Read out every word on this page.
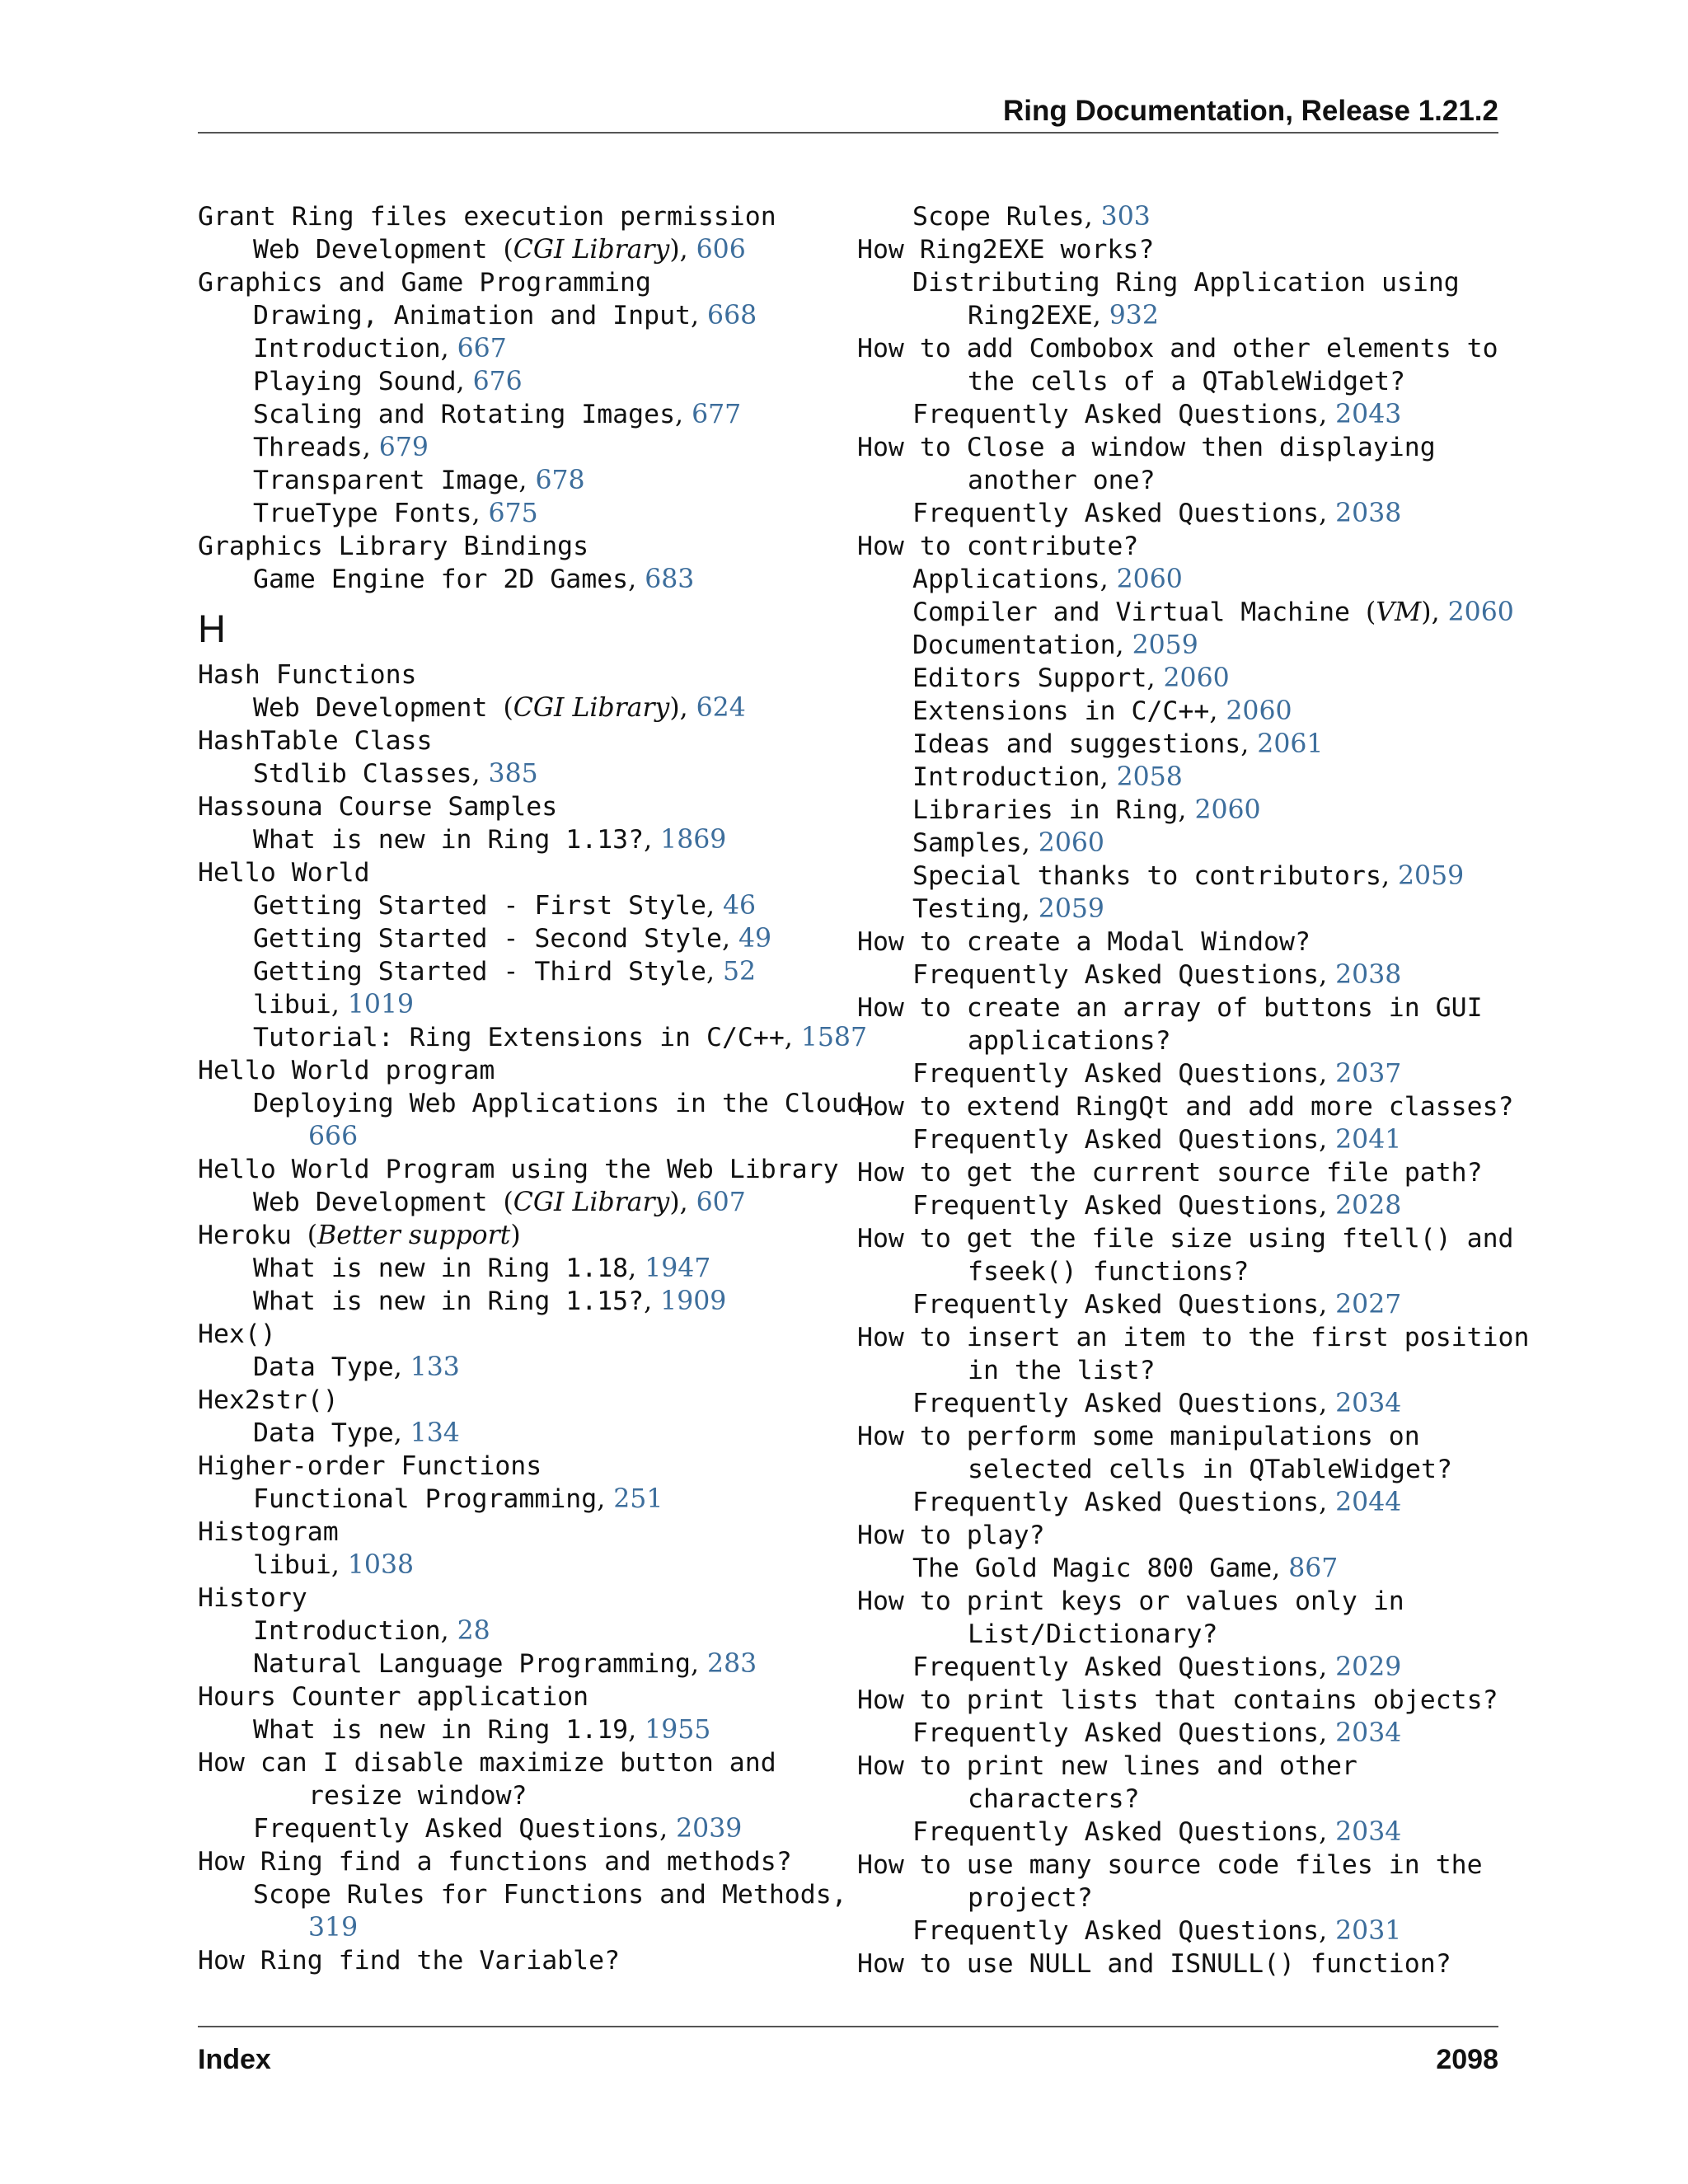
Ring Documentation, Release 1.21.2
Grant Ring files execution permission
Web Development (CGI Library), 606
Graphics and Game Programming
Drawing, Animation and Input, 668
Introduction, 667
Playing Sound, 676
Scaling and Rotating Images, 677
Threads, 679
Transparent Image, 678
TrueType Fonts, 675
Graphics Library Bindings
Game Engine for 2D Games, 683
H
Hash Functions
Web Development (CGI Library), 624
HashTable Class
Stdlib Classes, 385
Hassouna Course Samples
What is new in Ring 1.13?, 1869
Hello World
Getting Started - First Style, 46
Getting Started - Second Style, 49
Getting Started - Third Style, 52
libui, 1019
Tutorial: Ring Extensions in C/C++, 1587
Hello World program
Deploying Web Applications in the Cloud,
666
Hello World Program using the Web Library
Web Development (CGI Library), 607
Heroku (Better support)
What is new in Ring 1.18, 1947
What is new in Ring 1.15?, 1909
Hex()
Data Type, 133
Hex2str()
Data Type, 134
Higher-order Functions
Functional Programming, 251
Histogram
libui, 1038
History
Introduction, 28
Natural Language Programming, 283
Hours Counter application
What is new in Ring 1.19, 1955
How can I disable maximize button and
resize window?
Frequently Asked Questions, 2039
How Ring find a functions and methods?
Scope Rules for Functions and Methods,
319
How Ring find the Variable?
Scope Rules, 303
How Ring2EXE works?
Distributing Ring Application using
Ring2EXE, 932
How to add Combobox and other elements to
the cells of a QTableWidget?
Frequently Asked Questions, 2043
How to Close a window then displaying
another one?
Frequently Asked Questions, 2038
How to contribute?
Applications, 2060
Compiler and Virtual Machine (VM), 2060
Documentation, 2059
Editors Support, 2060
Extensions in C/C++, 2060
Ideas and suggestions, 2061
Introduction, 2058
Libraries in Ring, 2060
Samples, 2060
Special thanks to contributors, 2059
Testing, 2059
How to create a Modal Window?
Frequently Asked Questions, 2038
How to create an array of buttons in GUI
applications?
Frequently Asked Questions, 2037
How to extend RingQt and add more classes?
Frequently Asked Questions, 2041
How to get the current source file path?
Frequently Asked Questions, 2028
How to get the file size using ftell() and
fseek() functions?
Frequently Asked Questions, 2027
How to insert an item to the first position
in the list?
Frequently Asked Questions, 2034
How to perform some manipulations on
selected cells in QTableWidget?
Frequently Asked Questions, 2044
How to play?
The Gold Magic 800 Game, 867
How to print keys or values only in
List/Dictionary?
Frequently Asked Questions, 2029
How to print lists that contains objects?
Frequently Asked Questions, 2034
How to print new lines and other
characters?
Frequently Asked Questions, 2034
How to use many source code files in the
project?
Frequently Asked Questions, 2031
How to use NULL and ISNULL() function?
Index	2098
